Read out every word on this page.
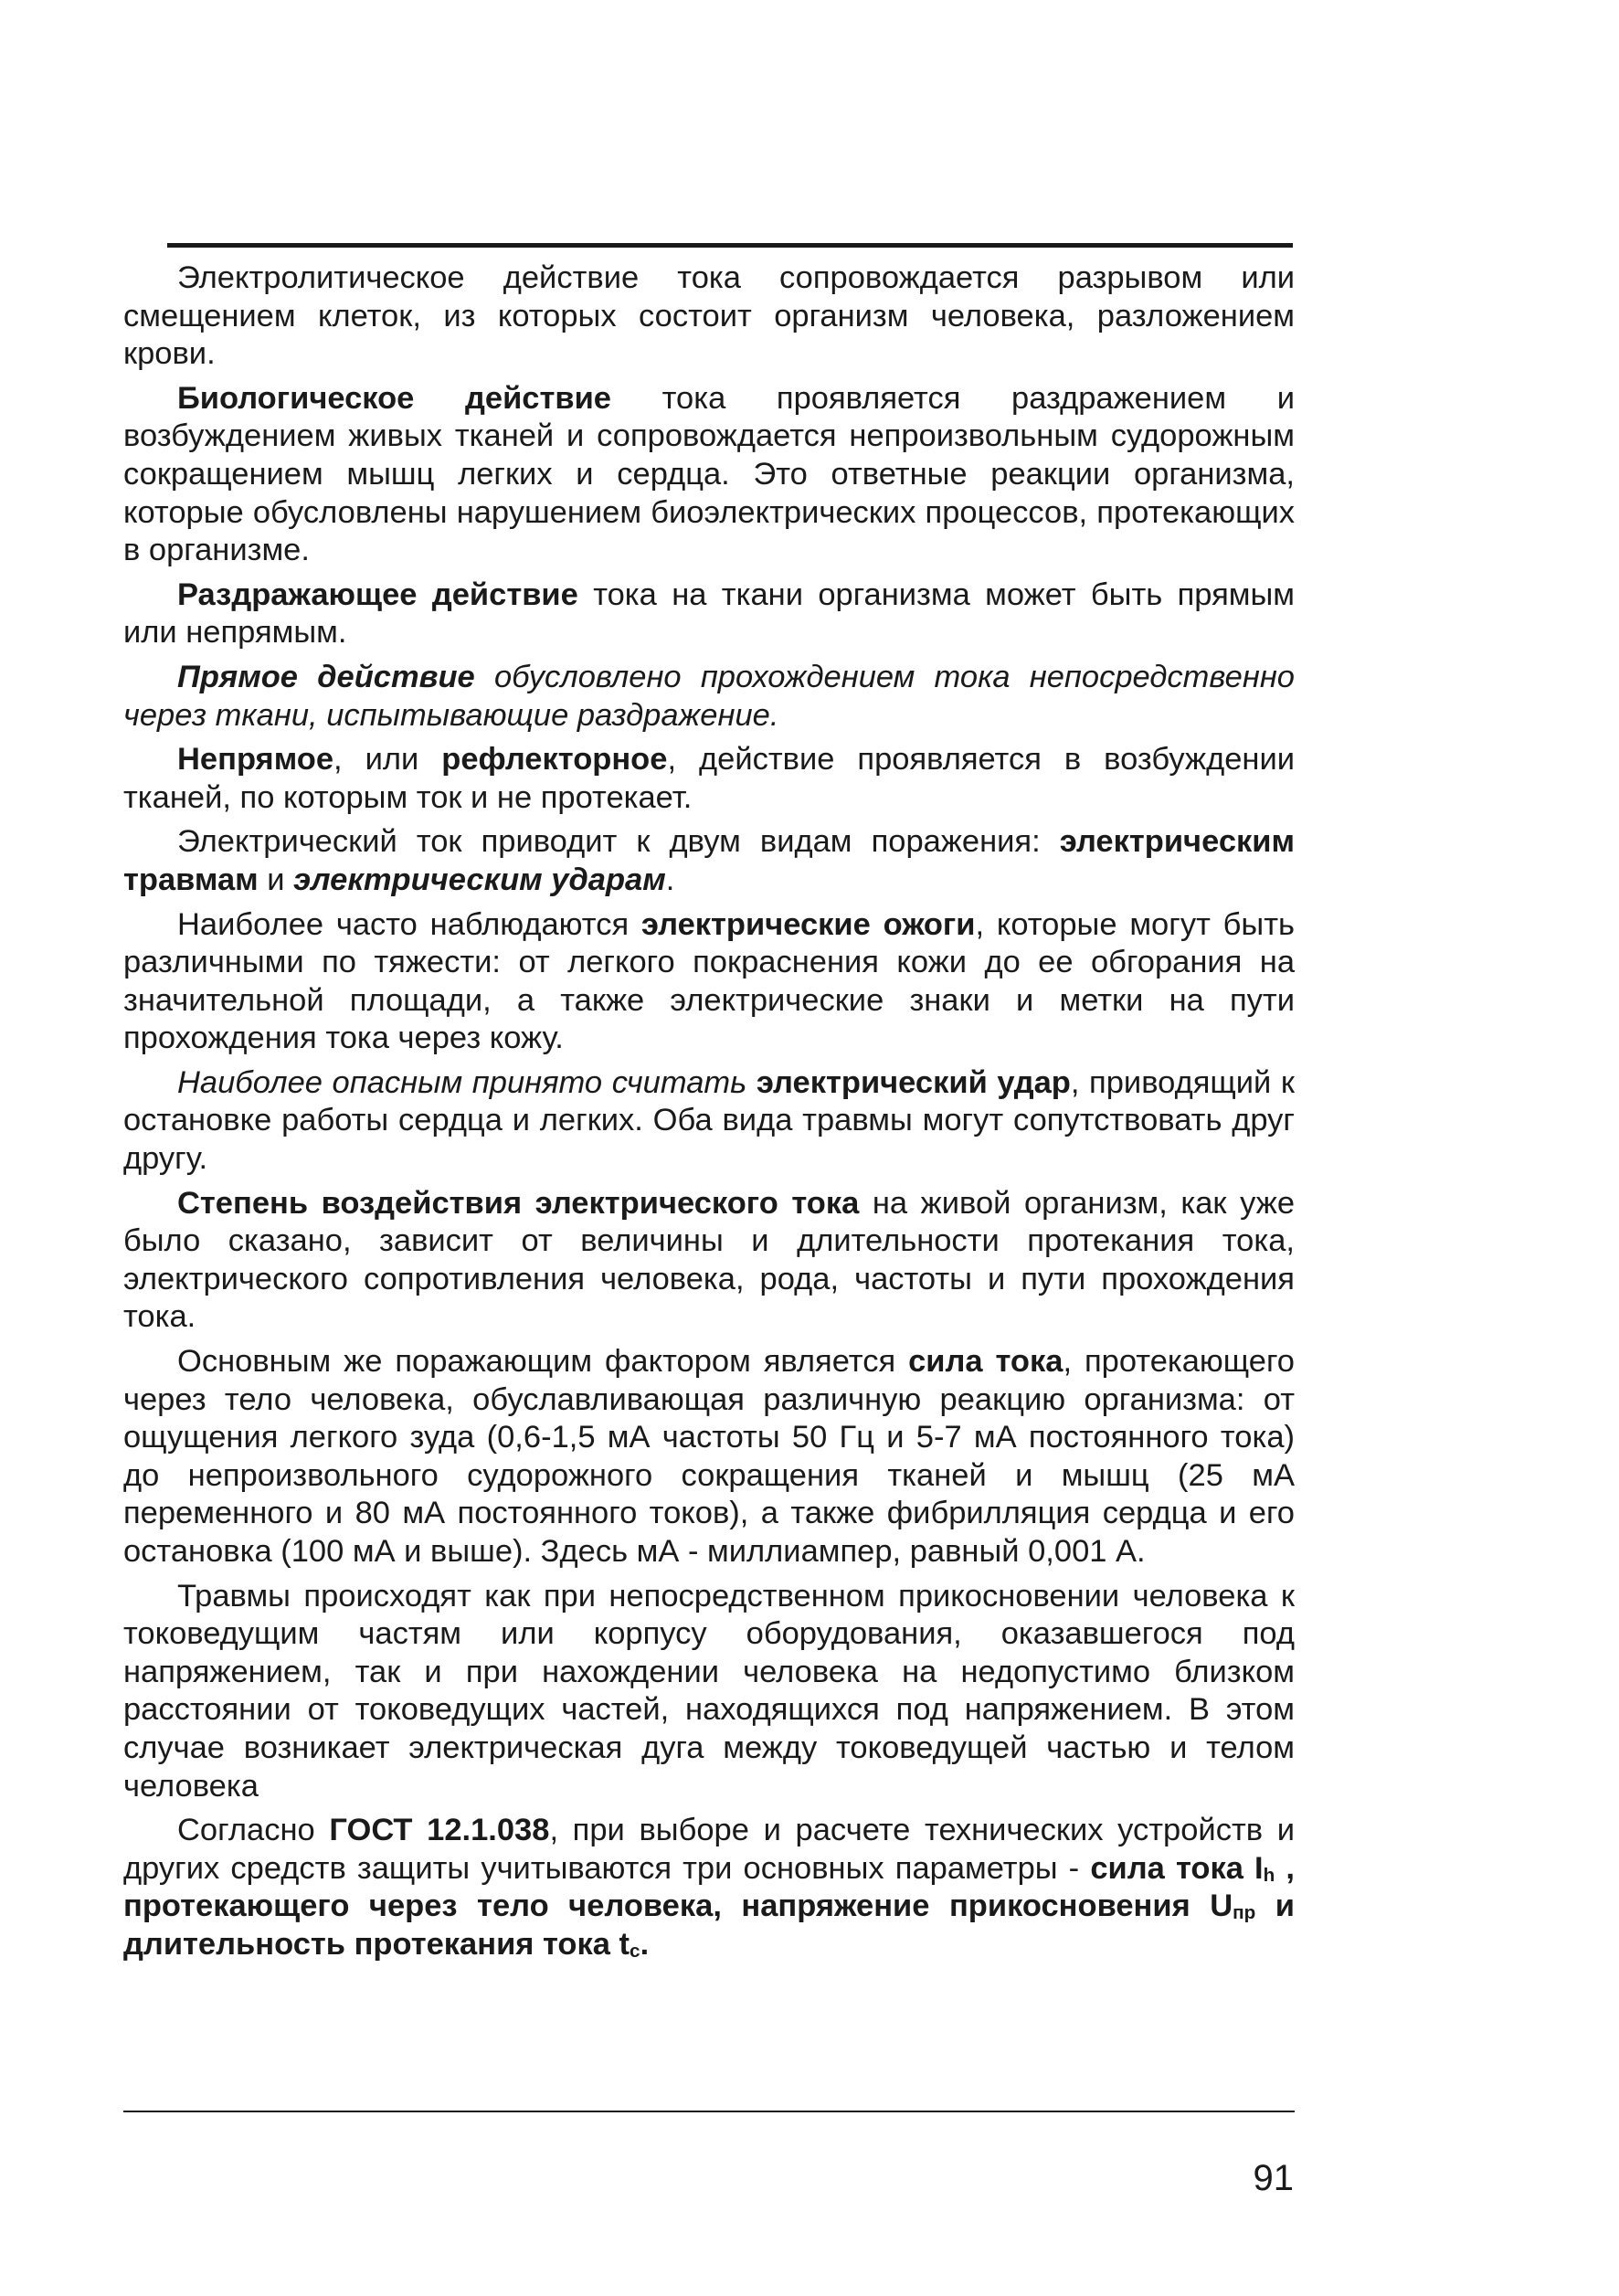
Электролитическое действие тока сопровождается разрывом или смещением клеток, из которых состоит организм человека, разложением крови.

Биологическое действие тока проявляется раздражением и возбуждением живых тканей и сопровождается непроизвольным судорожным сокращением мышц легких и сердца. Это ответные реакции организма, которые обусловлены нарушением биоэлектрических процессов, протекающих в организме.

Раздражающее действие тока на ткани организма может быть прямым или непрямым.

Прямое действие обусловлено прохождением тока непосредственно через ткани, испытывающие раздражение.

Непрямое, или рефлекторное, действие проявляется в возбуждении тканей, по которым ток и не протекает.

Электрический ток приводит к двум видам поражения: электрическим травмам и электрическим ударам.

Наиболее часто наблюдаются электрические ожоги, которые могут быть различными по тяжести: от легкого покраснения кожи до ее обгорания на значительной площади, а также электрические знаки и метки на пути прохождения тока через кожу.

Наиболее опасным принято считать электрический удар, приводящий к остановке работы сердца и легких. Оба вида травмы могут сопутствовать друг другу.

Степень воздействия электрического тока на живой организм, как уже было сказано, зависит от величины и длительности протекания тока, электрического сопротивления человека, рода, частоты и пути прохождения тока.

Основным же поражающим фактором является сила тока, протекающего через тело человека, обуславливающая различную реакцию организма: от ощущения легкого зуда (0,6-1,5 мА частоты 50 Гц и 5-7 мА постоянного тока) до непроизвольного судорожного сокращения тканей и мышц (25 мА переменного и 80 мА постоянного токов), а также фибрилляция сердца и его остановка (100 мА и выше). Здесь мА - миллиампер, равный 0,001 А.

Травмы происходят как при непосредственном прикосновении человека к токоведущим частям или корпусу оборудования, оказавшегося под напряжением, так и при нахождении человека на недопустимо близком расстоянии от токоведущих частей, находящихся под напряжением. В этом случае возникает электрическая дуга между токоведущей частью и телом человека

Согласно ГОСТ 12.1.038, при выборе и расчете технических устройств и других средств защиты учитываются три основных параметры - сила тока $I_h$ , протекающего через тело человека, напряжение прикосновения $U_{пр}$ и длительность протекания тока $t_c$.

91
